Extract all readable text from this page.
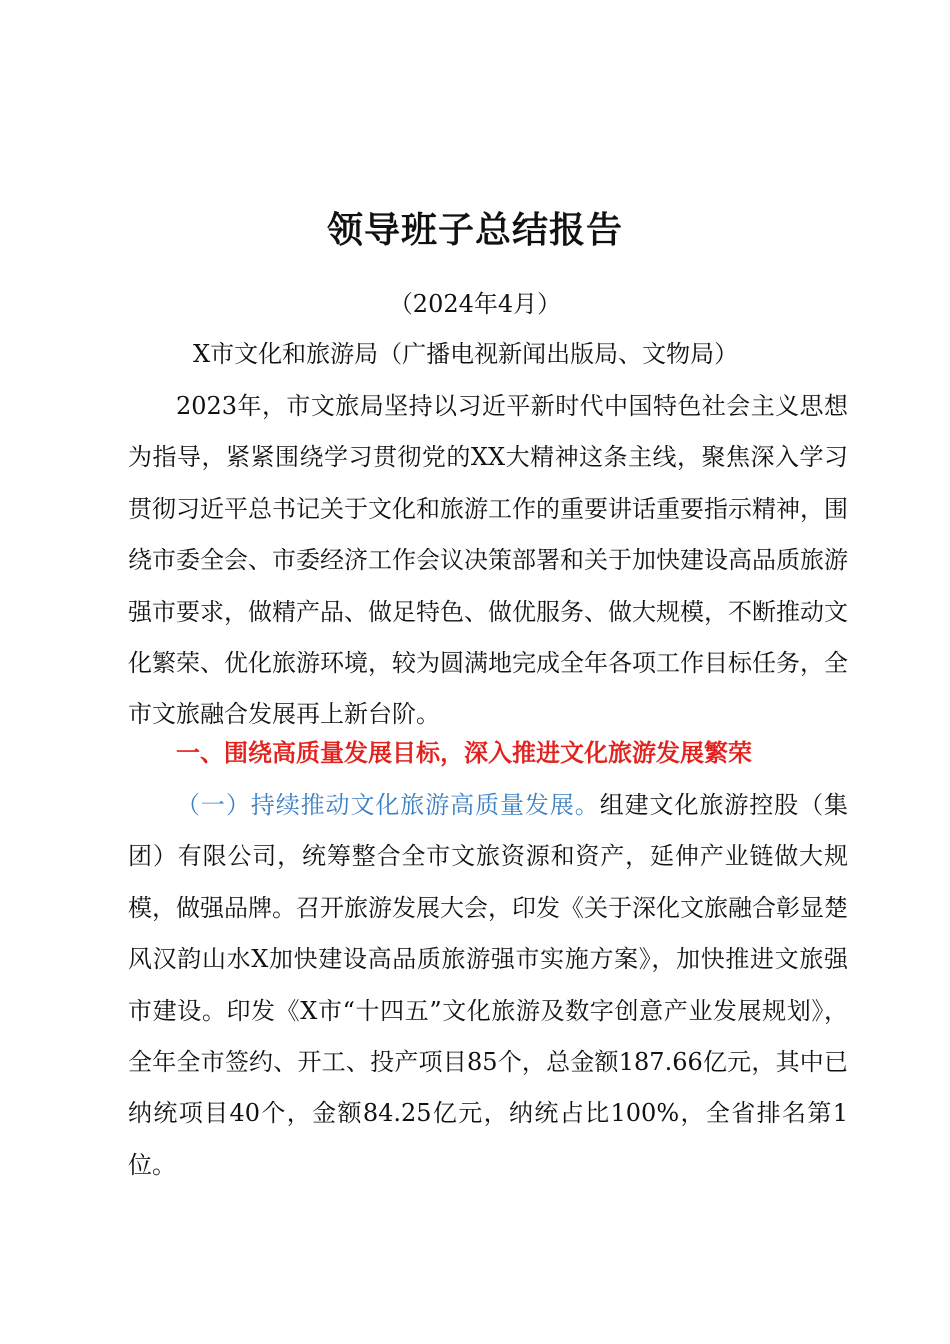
领导班子总结报告
（2024年4月）
X市文化和旅游局（广播电视新闻出版局、文物局）

2023年，市文旅局坚持以习近平新时代中国特色社会主义思想为指导，紧紧围绕学习贯彻党的XX大精神这条主线，聚焦深入学习贯彻习近平总书记关于文化和旅游工作的重要讲话重要指示精神，围绕市委全会、市委经济工作会议决策部署和关于加快建设高品质旅游强市要求，做精产品、做足特色、做优服务、做大规模，不断推动文化繁荣、优化旅游环境，较为圆满地完成全年各项工作目标任务，全市文旅融合发展再上新台阶。

一、围绕高质量发展目标，深入推进文化旅游发展繁荣

（一）持续推动文化旅游高质量发展。组建文化旅游控股（集团）有限公司，统筹整合全市文旅资源和资产，延伸产业链做大规模，做强品牌。召开旅游发展大会，印发《关于深化文旅融合彰显楚风汉韵山水X加快建设高品质旅游强市实施方案》，加快推进文旅强市建设。印发《X市“十四五”文化旅游及数字创意产业发展规划》，全年全市签约、开工、投产项目85个，总金额187.66亿元，其中已纳统项目40个，金额84.25亿元，纳统占比100%，全省排名第1位。
